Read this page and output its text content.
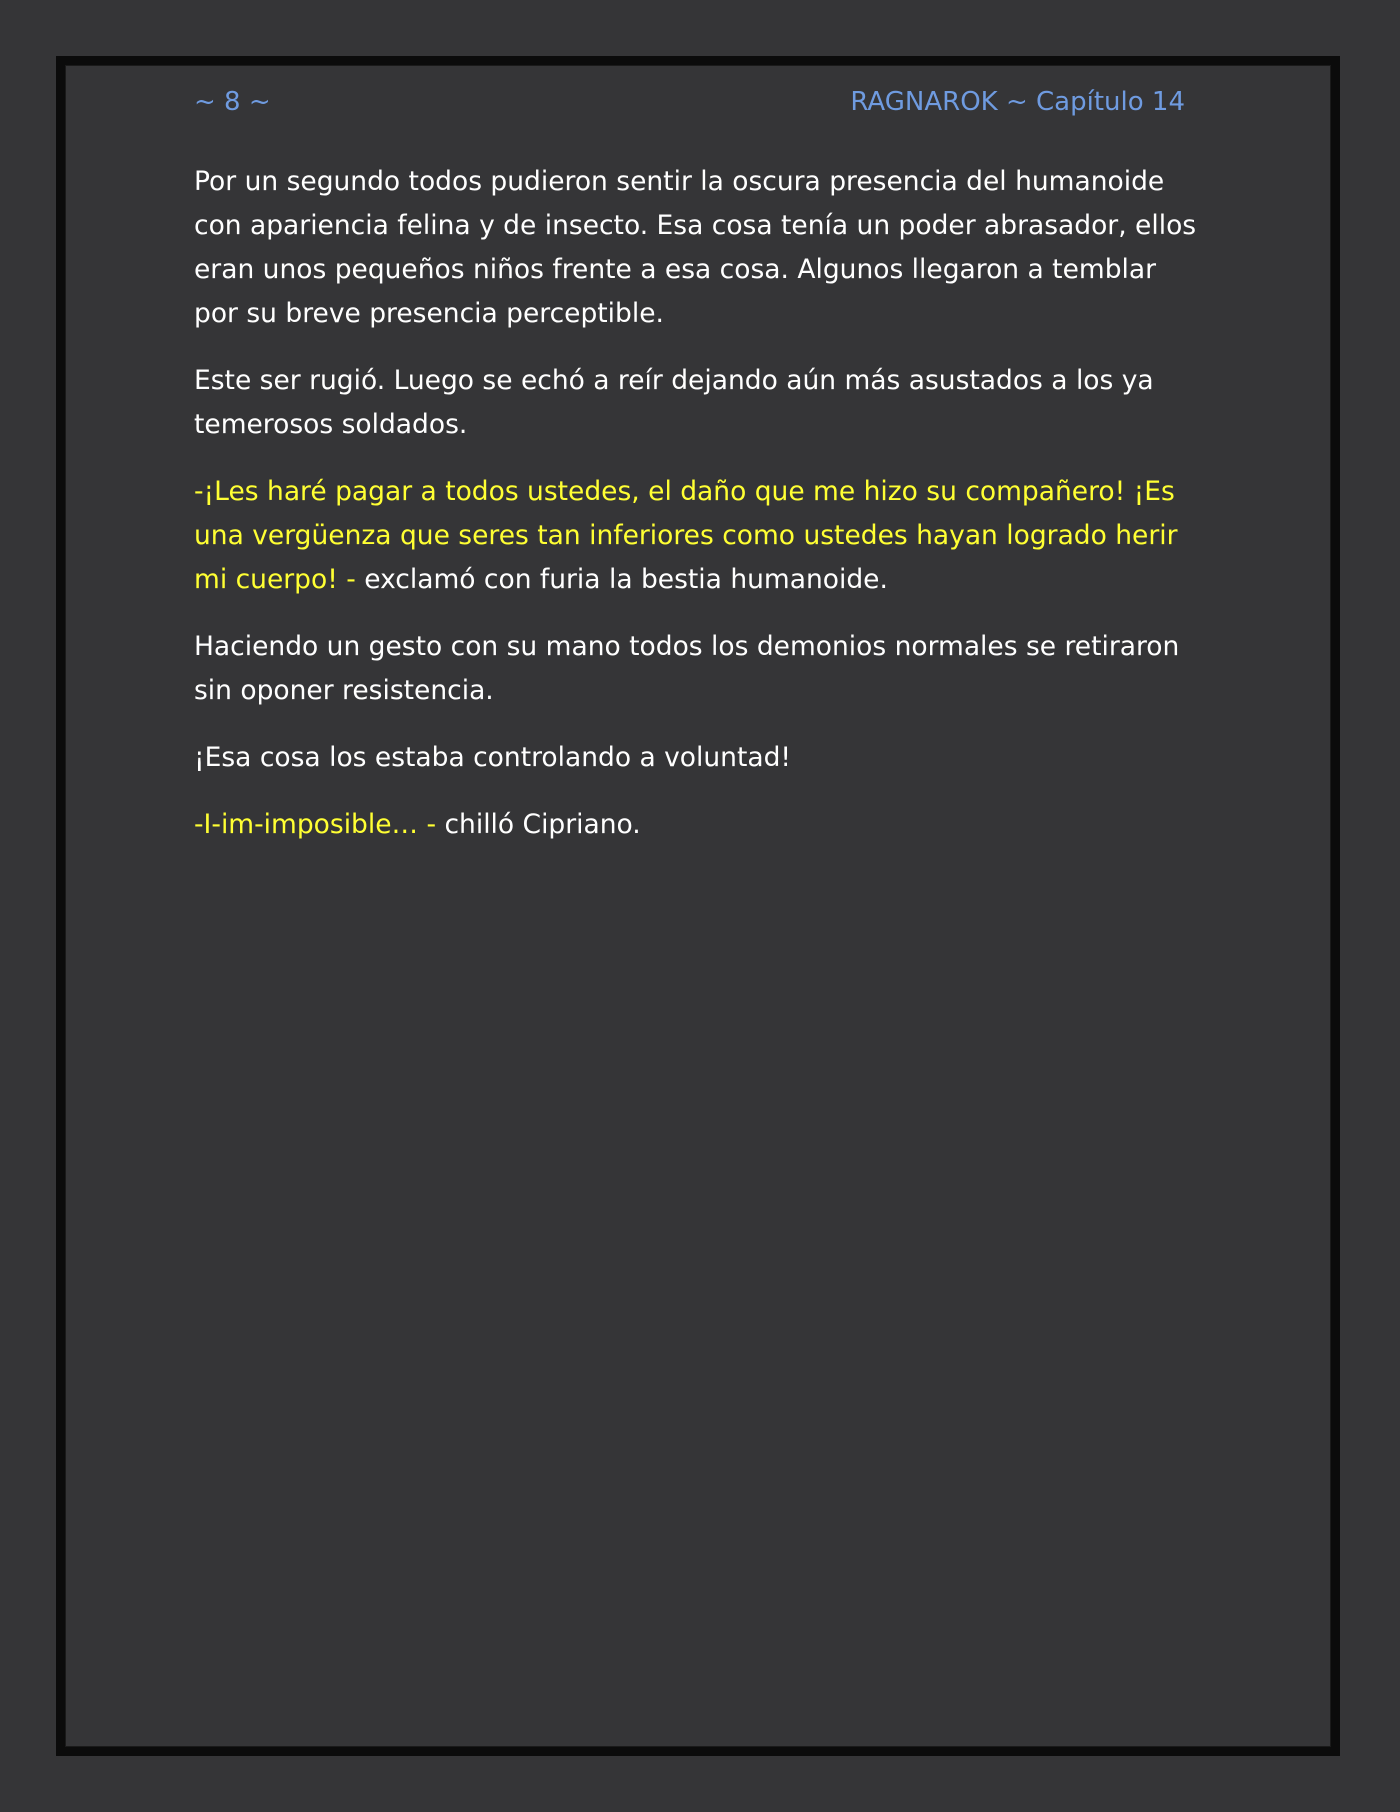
~ 8 ~	RAGNAROK ~ Capítulo 14

Por un segundo todos pudieron sentir la oscura presencia del humanoide con apariencia felina y de insecto. Esa cosa tenía un poder abrasador, ellos eran unos pequeños niños frente a esa cosa. Algunos llegaron a temblar por su breve presencia perceptible.

Este ser rugió. Luego se echó a reír dejando aún más asustados a los ya temerosos soldados.

-¡Les haré pagar a todos ustedes, el daño que me hizo su compañero! ¡Es una vergüenza que seres tan inferiores como ustedes hayan logrado herir mi cuerpo! - exclamó con furia la bestia humanoide.

Haciendo un gesto con su mano todos los demonios normales se retiraron sin oponer resistencia.

¡Esa cosa los estaba controlando a voluntad!

-I-im-imposible… - chilló Cipriano.
